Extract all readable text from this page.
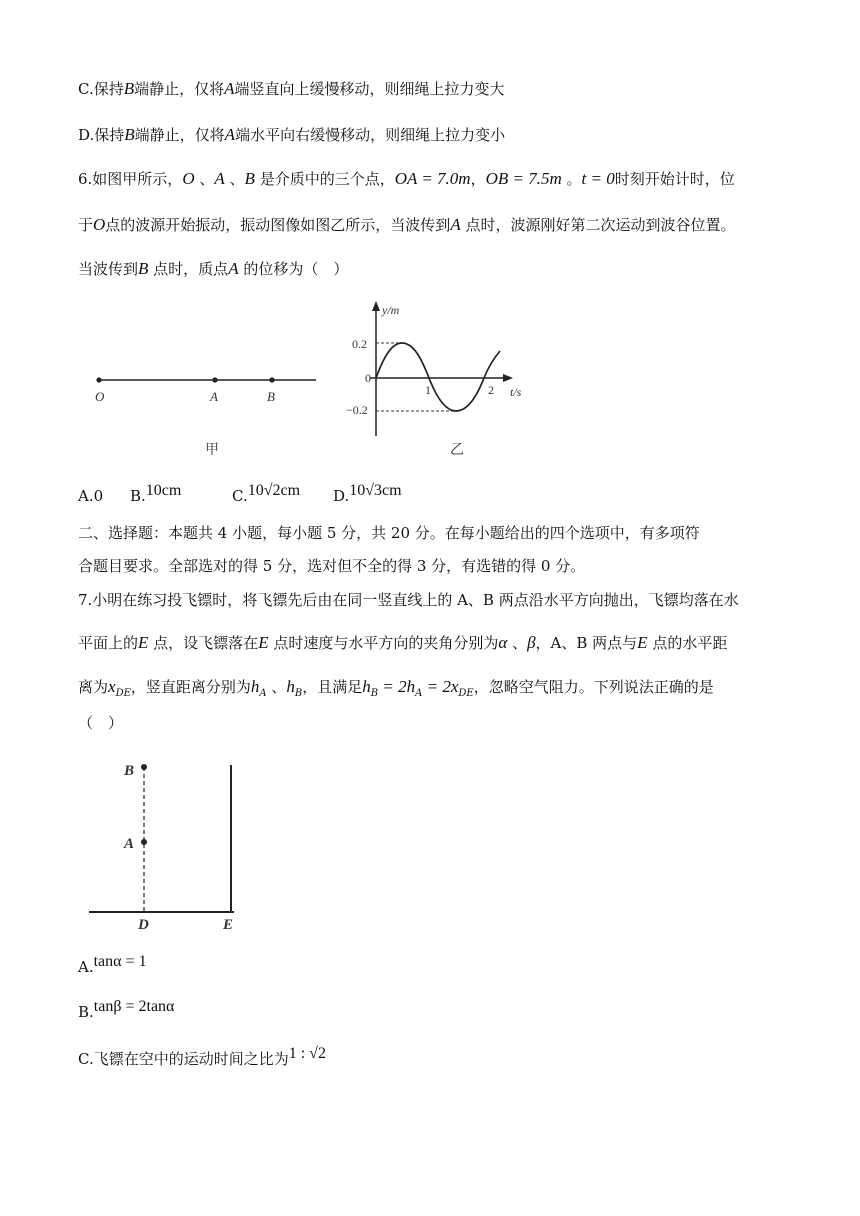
C.保持B端静止，仅将A端竖直向上缓慢移动，则细绳上拉力变大
D.保持B端静止，仅将A端水平向右缓慢移动，则细绳上拉力变小
6.如图甲所示，O 、A 、B 是介质中的三个点，OA = 7.0m，OB = 7.5m 。t = 0时刻开始计时，位
于O点的波源开始振动，振动图像如图乙所示，当波传到A 点时，波源刚好第二次运动到波谷位置。
当波传到B 点时，质点A 的位移为（　）
O	A	B
甲
y/m
t/s
0.2
0
−0.2
1	2
乙
A.0 B.10cm	C.10√2cm D.10√3cm
二、选择题：本题共 4 小题，每小题 5 分，共 20 分。在每小题给出的四个选项中，有多项符
合题目要求。全部选对的得 5 分，选对但不全的得 3 分，有选错的得 0 分。
7.小明在练习投飞镖时，将飞镖先后由在同一竖直线上的 A、B 两点沿水平方向抛出，飞镖均落在水
平面上的E 点，设飞镖落在E 点时速度与水平方向的夹角分别为α 、β，A、B 两点与E 点的水平距
离为$x_{DE}$，竖直距离分别为$h_A$ 、$h_B$，且满足$h_B = 2h_A = 2x_{DE}$，忽略空气阻力。下列说法正确的是
（　）
B
A
D	E
A.tanα = 1
B.tanβ = 2tanα
C.飞镖在空中的运动时间之比为1 : √2
